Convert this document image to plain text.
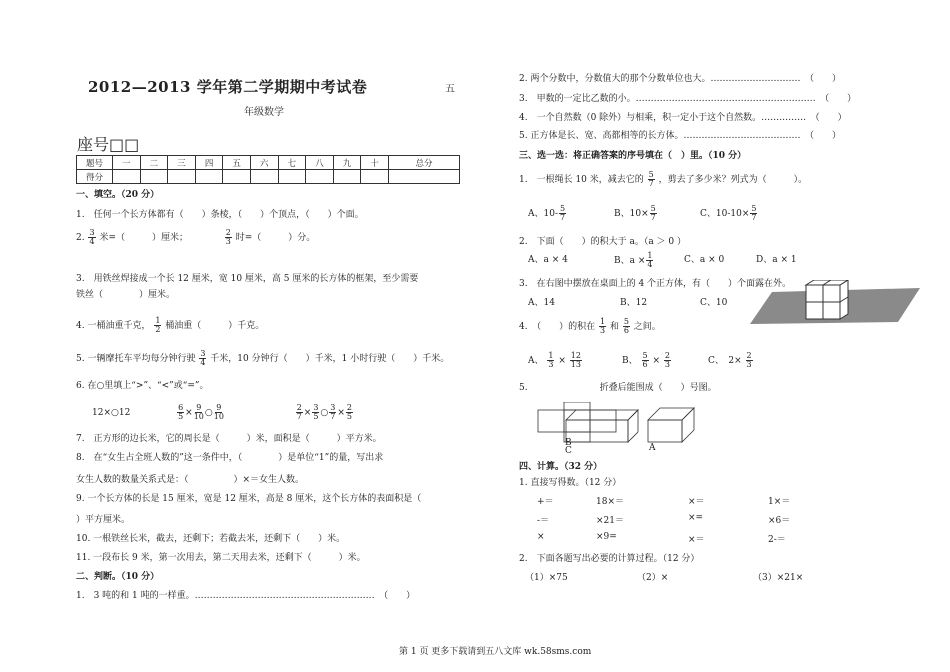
2012—2013 学年第二学期期中考试卷	五
年级数学
座号□□
题号	一	二	三	四	五	六	七	八	九	十	总分
得分											
一、填空。（20 分）
1.　任何一个长方体都有（　　）条棱，（　　）个顶点，（　　）个面。
2. $\frac{3}{4}$ 米=（　　　）厘米；	$\frac{2}{3}$ 时=（　　　）分。
3.　用铁丝焊接成一个长 12 厘米，宽 10 厘米，高 5 厘米的长方体的框架，至少需要
铁丝（　　　　）厘米。
4. 一桶油重千克， $\frac{1}{2}$ 桶油重（　　　）千克。
5. 一辆摩托车平均每分钟行驶 $\frac{3}{4}$ 千米，10 分钟行（　　）千米，1 小时行驶（　　）千米。
6. 在○里填上“>”、“<”或“=”。
12×○12	$\frac{6}{5} \times \frac{9}{10}$ ○ $\frac{9}{10}$
	$\frac{2}{7} \times \frac{3}{5}$ ○ $\frac{3}{7} \times \frac{2}{5}$
7.　正方形的边长米，它的周长是（　　　）米，面积是（　　　）平方米。
8.　在“女生占全班人数的”这一条件中，（　　　　）是单位“1”的量，写出求
女生人数的数量关系式是：（　　　　　）×＝女生人数。
9. 一个长方体的长是 15 厘米，宽是 12 厘米，高是 8 厘米，这个长方体的表面积是（
）平方厘米。
10. 一根铁丝长米，截去，还剩下；若截去米，还剩下（　　）米。
11. 一段布长 9 米，第一次用去，第二天用去米，还剩下（　　　）米。
二、判断。（10 分）
1.　3 吨的和 1 吨的一样重。……………………………………………………　（　　）
2. 两个分数中，分数值大的那个分数单位也大。…………………………　（　　）
3.　甲数的一定比乙数的小。……………………………………………………　（　　）
4.　一个自然数（0 除外）与相乘，积一定小于这个自然数。……………　（　　）
5. 正方体是长、宽、高都相等的长方体。…………………………………　（　　）
三、选一选：将正确答案的序号填在（　）里。（10 分）
1.　一根绳长 10 米，减去它的 $\frac{5}{7}$ ，剪去了多少米？列式为（　　　）。
A、$10- \frac{5}{7}$	B、$10\times \frac{5}{7}$	C、$10-10\times \frac{5}{7}$
2.　下面（　　）的积大于 a。（a ＞ 0 ）
A、a × 4	B、$a \times \frac{1}{4}$	C、a × 0	D、a × 1
3.　在右图中摆放在桌面上的 4 个正方体，有（　　）个面露在外。
A、14	B、12	C、10
4.　（　　）的积在 $\frac{1}{3}$ 和 $\frac{5}{6}$ 之间。
A、 $\frac{1}{3} \times \frac{12}{13}$	B、 $\frac{5}{6} \times \frac{2}{3}$	C、　$2\times \frac{2}{3}$
5.　　　　　　　　折叠后能围成（　　）号图。
B
C	A
四、计算。（32 分）
1. 直接写得数。（12 分）
+＝	18×＝	×＝	1×＝
-＝	×21＝	×=	×6＝
×	×9=	×＝	2-＝
2.　下面各题写出必要的计算过程。（12 分）
（1）×75	（2）×	（3）×21×
第 1 页 更多下载请到五八文库 wk.58sms.com
